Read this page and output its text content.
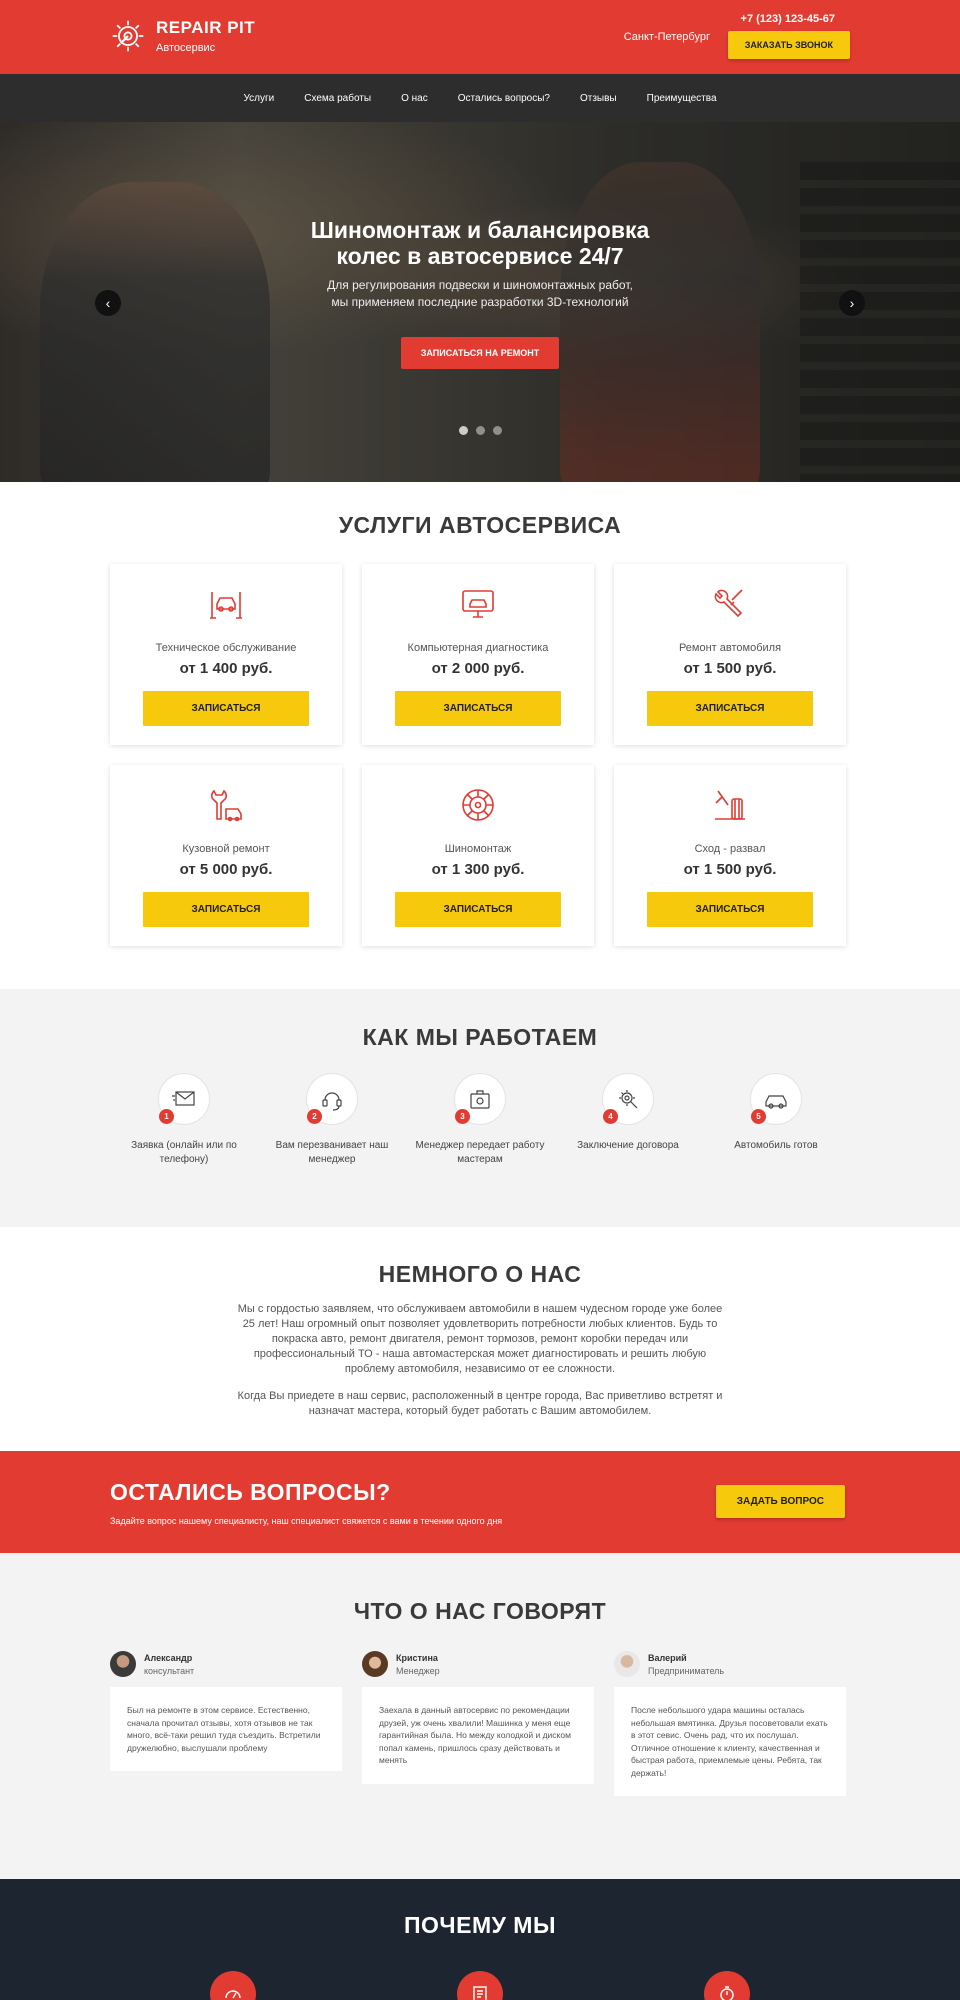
REPAIR PIT
Автосервис
Санкт-Петербург
+7 (123) 123-45-67
ЗАКАЗАТЬ ЗВОНОК
Услуги	Схема работы	О нас	Остались вопросы?	Отзывы	Преимущества
Шиномонтаж и балансировка
колес в автосервисе 24/7
Для регулирования подвески и шиномонтажных работ,
мы применяем последние разработки 3D-технологий
ЗАПИСАТЬСЯ НА РЕМОНТ
‹	›
УСЛУГИ АВТОСЕРВИСА
Техническое обслуживание
от 1 400 руб.
ЗАПИСАТЬСЯ
Компьютерная диагностика
от 2 000 руб.
ЗАПИСАТЬСЯ
Ремонт автомобиля
от 1 500 руб.
ЗАПИСАТЬСЯ
Кузовной ремонт
от 5 000 руб.
ЗАПИСАТЬСЯ
Шиномонтаж
от 1 300 руб.
ЗАПИСАТЬСЯ
Сход - развал
от 1 500 руб.
ЗАПИСАТЬСЯ
КАК МЫ РАБОТАЕМ
1
Заявка (онлайн или по телефону)
2
Вам перезванивает наш менеджер
3
Менеджер передает работу мастерам
4
Заключение договора
5
Автомобиль готов
НЕМНОГО О НАС

Мы с гордостью заявляем, что обслуживаем автомобили в нашем чудесном городе уже более 25 лет! Наш огромный опыт позволяет удовлетворить потребности любых клиентов. Будь то покраска авто, ремонт двигателя, ремонт тормозов, ремонт коробки передач или профессиональный ТО - наша автомастерская может диагностировать и решить любую проблему автомобиля, независимо от ее сложности.

Когда Вы приедете в наш сервис, расположенный в центре города, Вас приветливо встретят и назначат мастера, который будет работать с Вашим автомобилем.

ОСТАЛИСЬ ВОПРОСЫ?
Задайте вопрос нашему специалисту, наш специалист свяжется с вами в течении одного дня
ЗАДАТЬ ВОПРОС
ЧТО О НАС ГОВОРЯТ
Александр
консультант
Был на ремонте в этом сервисе. Естественно, сначала прочитал отзывы, хотя отзывов не так много, всё-таки решил туда съездить. Встретили дружелюбно, выслушали проблему
Кристина
Менеджер
Заехала в данный автосервис по рекомендации друзей, уж очень хвалили! Машинка у меня еще гарантийная была. Но между колодкой и диском попал камень, пришлось сразу действовать и менять
Валерий
Предприниматель
После небольшого удара машины осталась небольшая вмятинка. Друзья посоветовали ехать в этот севис. Очень рад, что их послушал. Отличное отношение к клиенту, качественная и быстрая работа, приемлемые цены. Ребята, так держать!
ПОЧЕМУ МЫ
